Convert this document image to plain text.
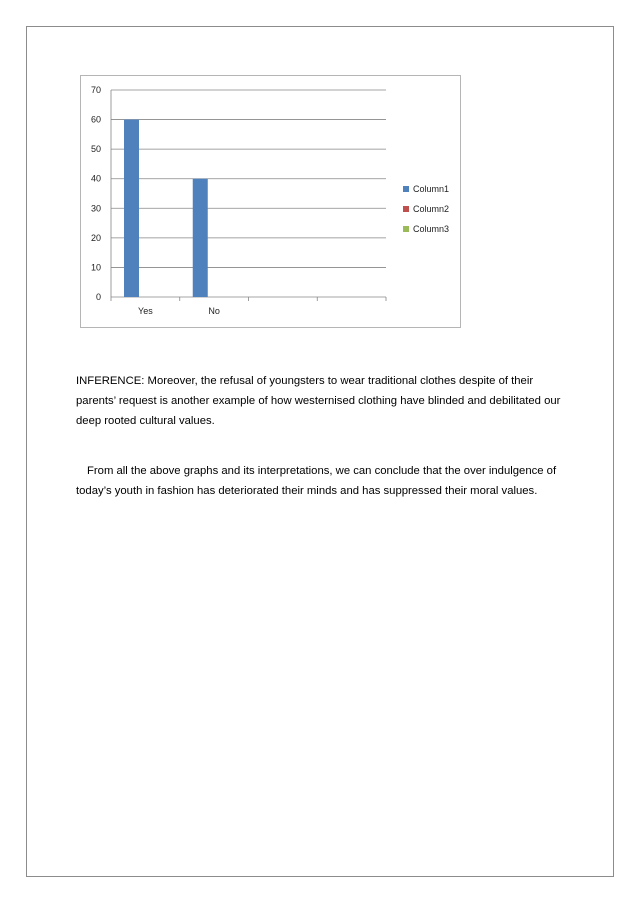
0
10
20
30
40
50
60
70
Yes	No
Column1
Column2
Column3

INFERENCE: Moreover, the refusal of youngsters to wear traditional clothes despite of their parents’ request is another example of how westernised clothing have blinded and debilitated our deep rooted cultural values.

From all the above graphs and its interpretations, we can conclude that the over indulgence of today’s youth in fashion has deteriorated their minds and has suppressed their moral values.
